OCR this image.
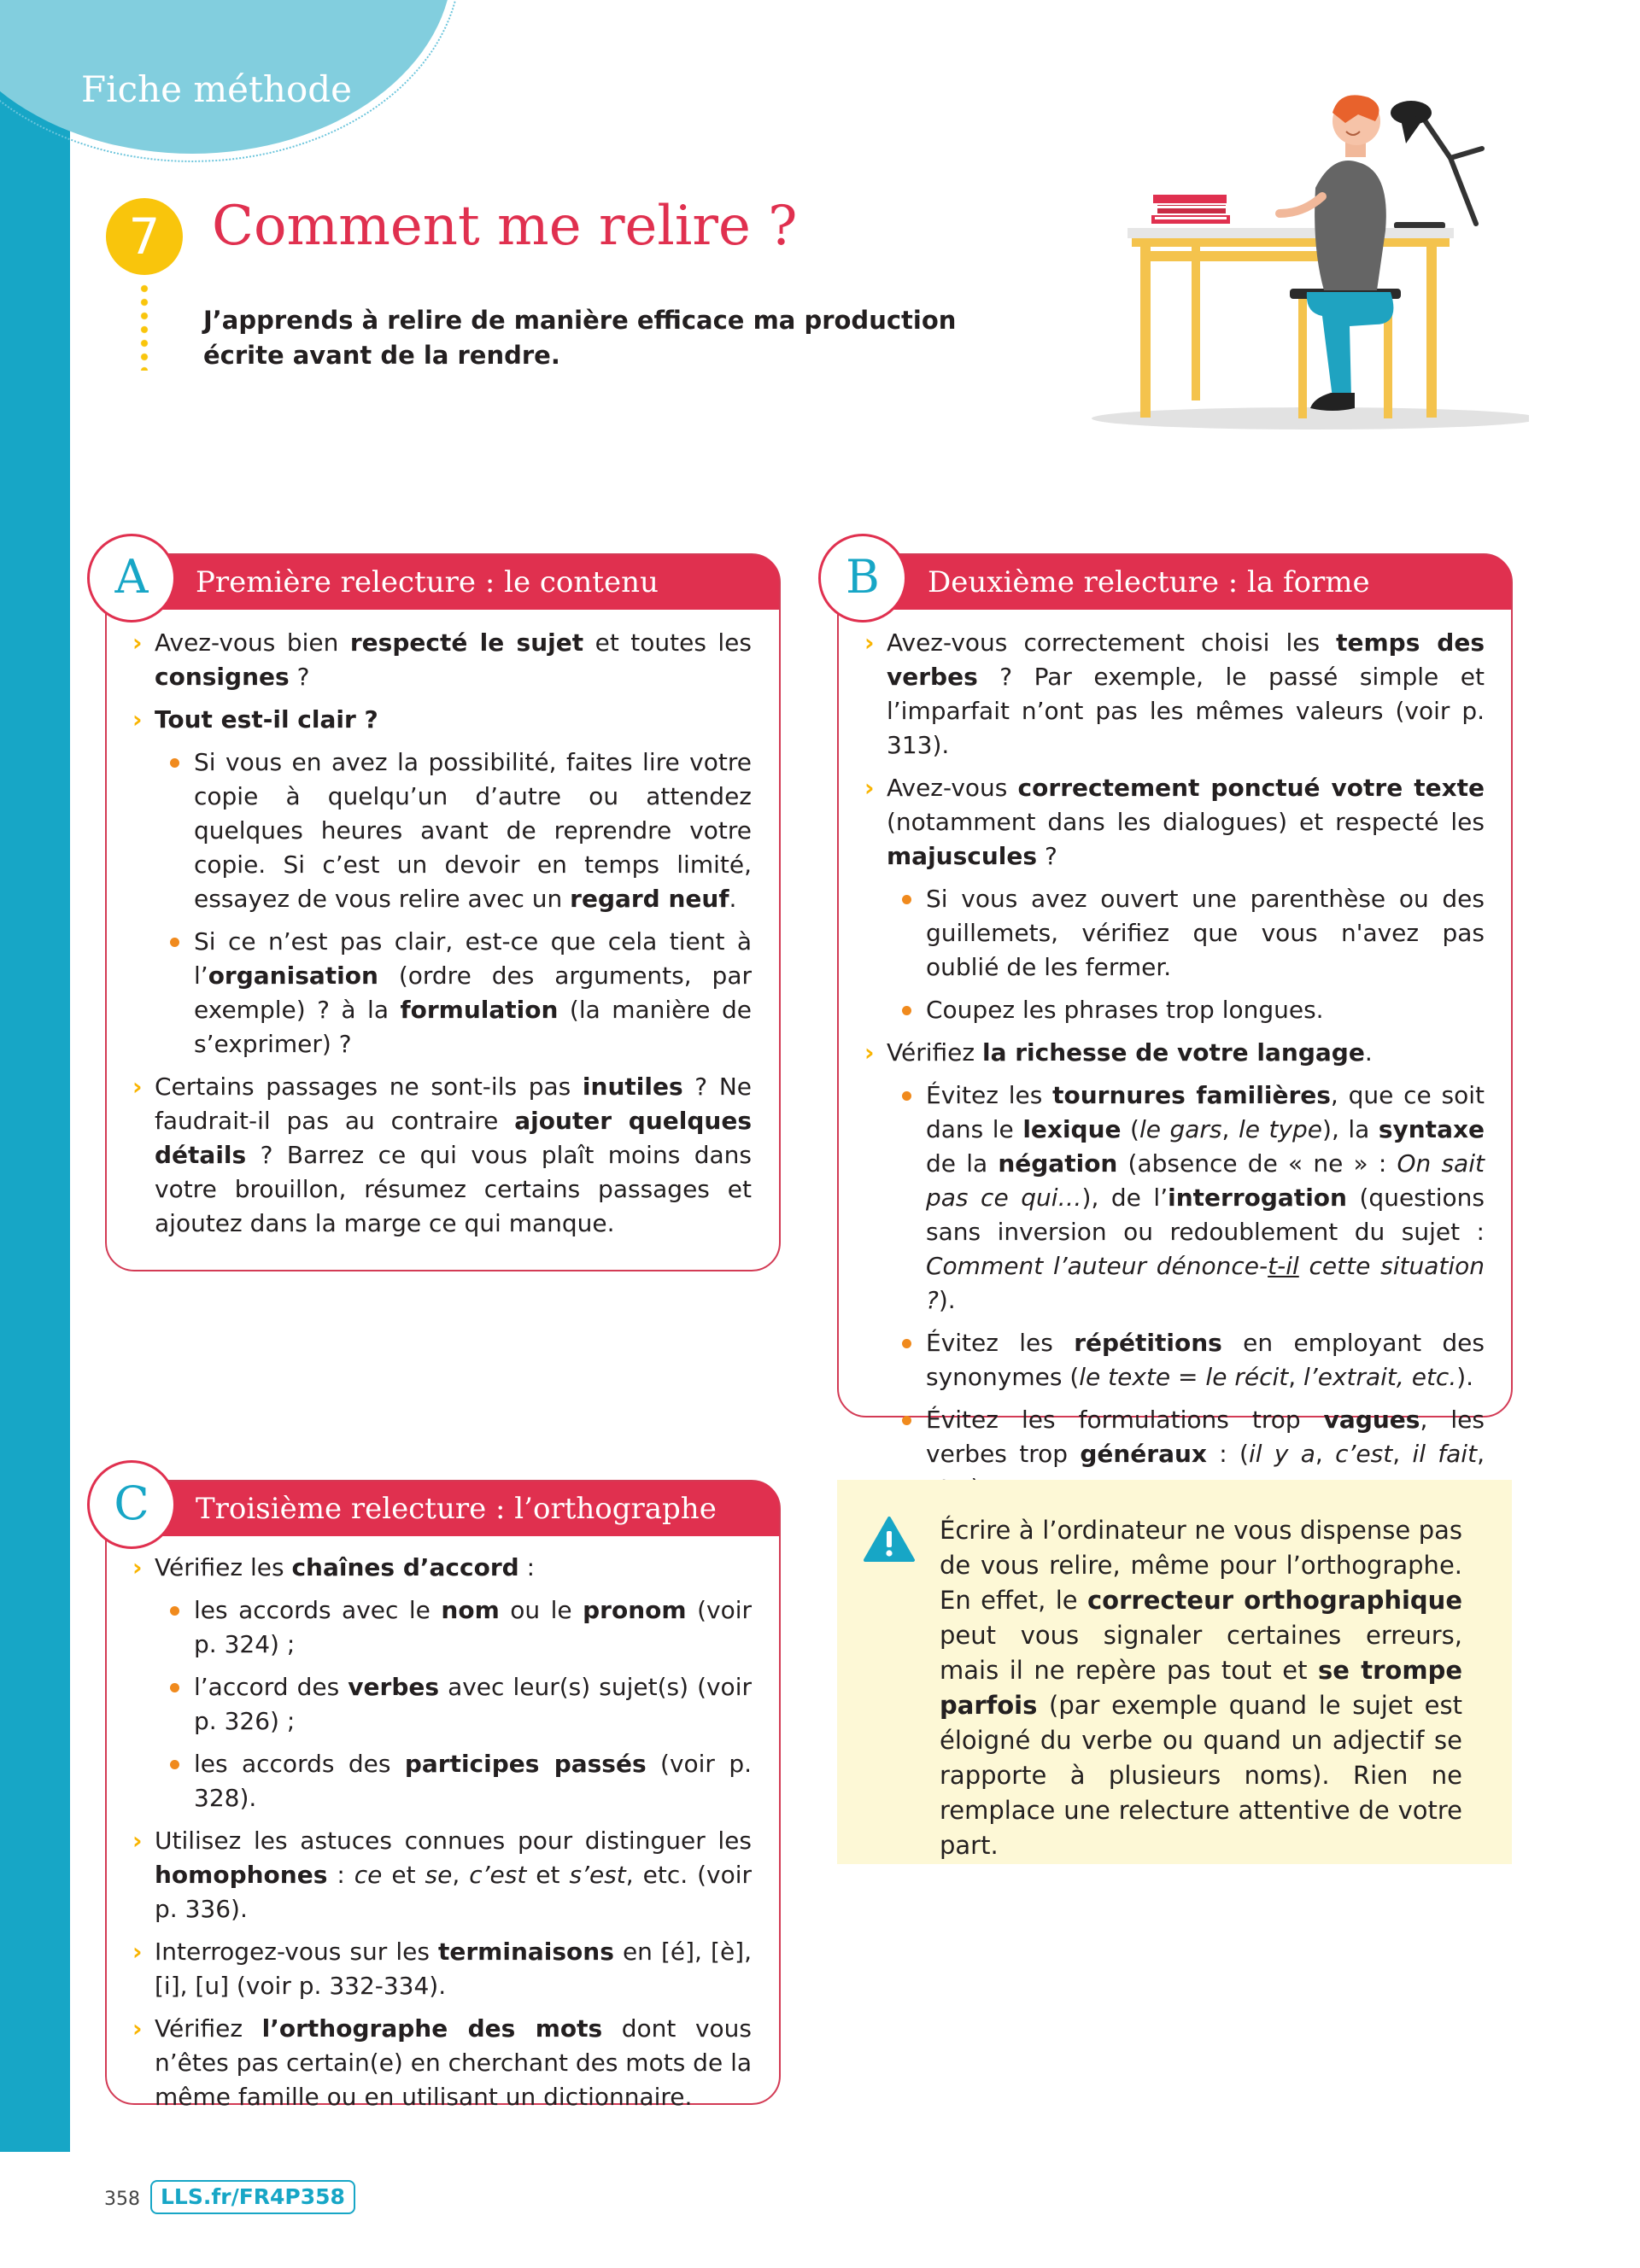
Fiche méthode
7 Comment me relire ?
J’apprends à relire de manière efficace ma production écrite avant de la rendre.
Première relecture : le contenu
A
› Avez-vous bien respecté le sujet et toutes les consignes ?
› Tout est-il clair ?
Si vous en avez la possibilité, faites lire votre copie à quelqu’un d’autre ou attendez quelques heures avant de reprendre votre copie. Si c’est un devoir en temps limité, essayez de vous relire avec un regard neuf.
Si ce n’est pas clair, est-ce que cela tient à l’organisation (ordre des arguments, par exemple) ? à la formulation (la manière de s’exprimer) ?
› Certains passages ne sont-ils pas inutiles ? Ne faudrait-il pas au contraire ajouter quelques détails ? Barrez ce qui vous plaît moins dans votre brouillon, résumez certains passages et ajoutez dans la marge ce qui manque.
Deuxième relecture : la forme
B
› Avez-vous correctement choisi les temps des verbes ? Par exemple, le passé simple et l’imparfait n’ont pas les mêmes valeurs (voir p. 313).
› Avez-vous correctement ponctué votre texte (notamment dans les dialogues) et respecté les majuscules ?
Si vous avez ouvert une parenthèse ou des guillemets, vérifiez que vous n'avez pas oublié de les fermer.
Coupez les phrases trop longues.
› Vérifiez la richesse de votre langage.
Évitez les tournures familières, que ce soit dans le lexique (le gars, le type), la syntaxe de la négation (absence de « ne » : On sait pas ce qui…), de l’interrogation (questions sans inversion ou redoublement du sujet : Comment l’auteur dénonce-t-il cette situation ?).
Évitez les répétitions en employant des synonymes (le texte = le récit, l’extrait, etc.).
Évitez les formulations trop vagues, les verbes trop généraux : (il y a, c’est, il fait,
Troisième relecture : l’orthographe
C
› Vérifiez les chaînes d’accord :
les accords avec le nom ou le pronom (voir p. 324) ;
l’accord des verbes avec leur(s) sujet(s) (voir p. 326) ;
les accords des participes passés (voir p. 328).
› Utilisez les astuces connues pour distinguer les homophones : ce et se, c’est et s’est, etc. (voir p. 336).
› Interrogez-vous sur les terminaisons en [é], [è], [i], [u] (voir p. 332-334).
› Vérifiez l’orthographe des mots dont vous n’êtes pas certain(e) en cherchant des mots de la même famille ou en utilisant un dictionnaire.
Écrire à l’ordinateur ne vous dispense pas de vous relire, même pour l’orthographe. En effet, le correcteur orthographique peut vous signaler certaines erreurs, mais il ne repère pas tout et se trompe parfois (par exemple quand le sujet est éloigné du verbe ou quand un adjectif se rapporte à plusieurs noms). Rien ne remplace une relecture attentive de votre part.
358 LLS.fr/FR4P358
